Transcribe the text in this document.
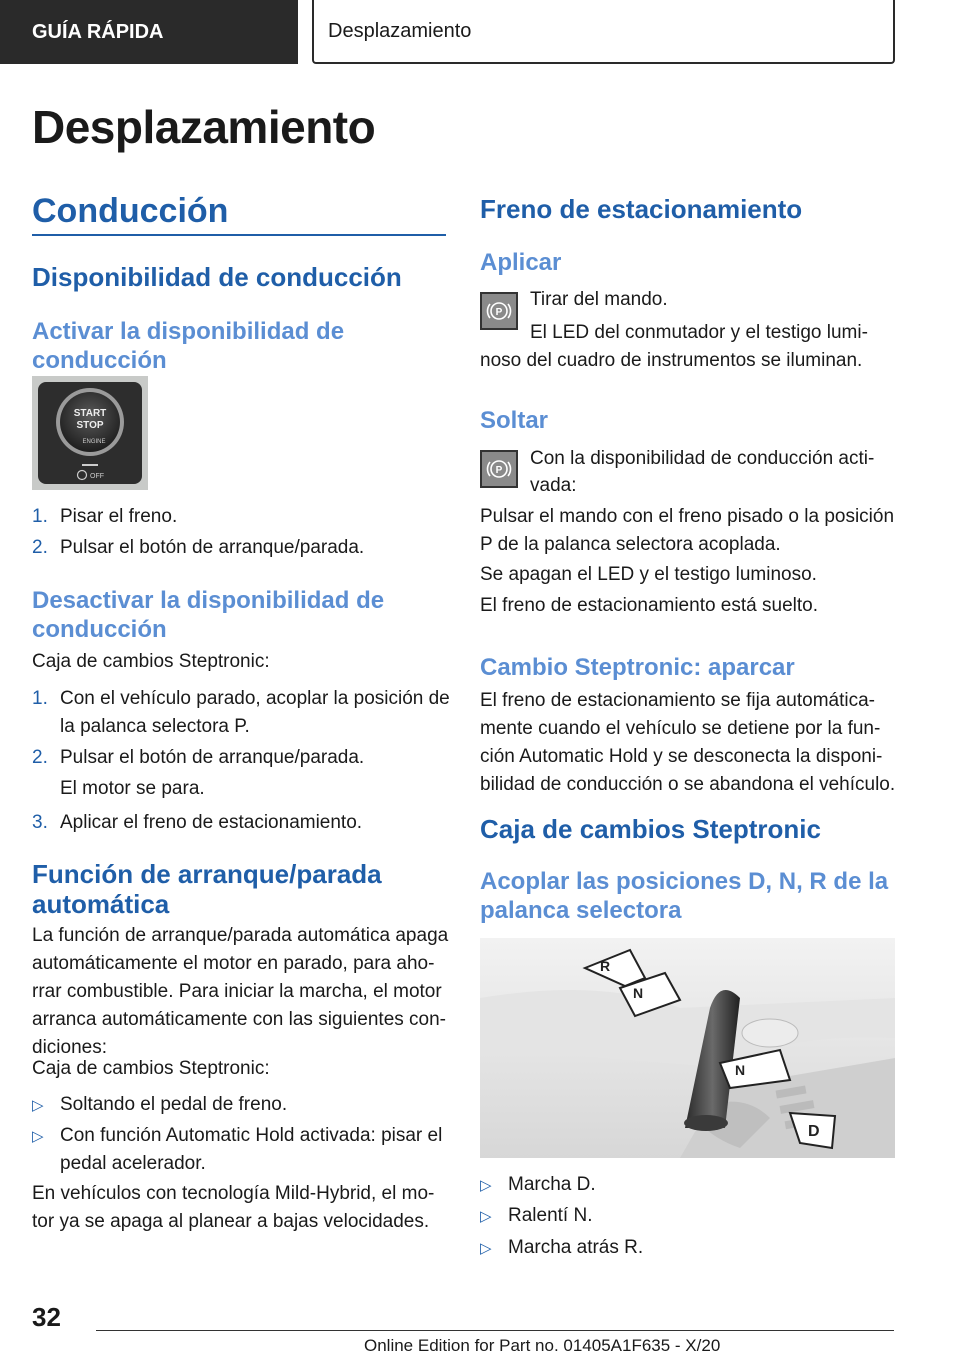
GUÍA RÁPIDA	Desplazamiento
Desplazamiento
Conducción
Disponibilidad de conducción
Activar la disponibilidad de
conducción
START
STOP
ENGINE
OFF

1. Pisar el freno.

2. Pulsar el botón de arranque/parada.

Desactivar la disponibilidad de
conducción

Caja de cambios Steptronic:

1. Con el vehículo parado, acoplar la posición de

la palanca selectora P.

2. Pulsar el botón de arranque/parada.

El motor se para.

3. Aplicar el freno de estacionamiento.

Función de arranque/parada
automática

La función de arranque/parada automática apaga
automáticamente el motor en parado, para aho‐
rrar combustible. Para iniciar la marcha, el motor
arranca automáticamente con las siguientes con‐
diciones:

Caja de cambios Steptronic:

▷ Soltando el pedal de freno.

▷ Con función Automatic Hold activada: pisar el

pedal acelerador.

En vehículos con tecnología Mild-Hybrid, el mo‐
tor ya se apaga al planear a bajas velocidades.

Freno de estacionamiento
Aplicar
P

Tirar del mando.

El LED del conmutador y el testigo lumi‐

noso del cuadro de instrumentos se iluminan.

Soltar
P

Con la disponibilidad de conducción acti‐

vada:

Pulsar el mando con el freno pisado o la posición
P de la palanca selectora acoplada.

Se apagan el LED y el testigo luminoso.

El freno de estacionamiento está suelto.

Cambio Steptronic: aparcar

El freno de estacionamiento se fija automática‐
mente cuando el vehículo se detiene por la fun‐
ción Automatic Hold y se desconecta la disponi‐
bilidad de conducción o se abandona el vehículo.

Caja de cambios Steptronic
Acoplar las posiciones D, N, R de la
palanca selectora
R
N
N
D

▷ Marcha D.

▷ Ralentí N.

▷ Marcha atrás R.

32
Online Edition for Part no. 01405A1F635 - X/20
